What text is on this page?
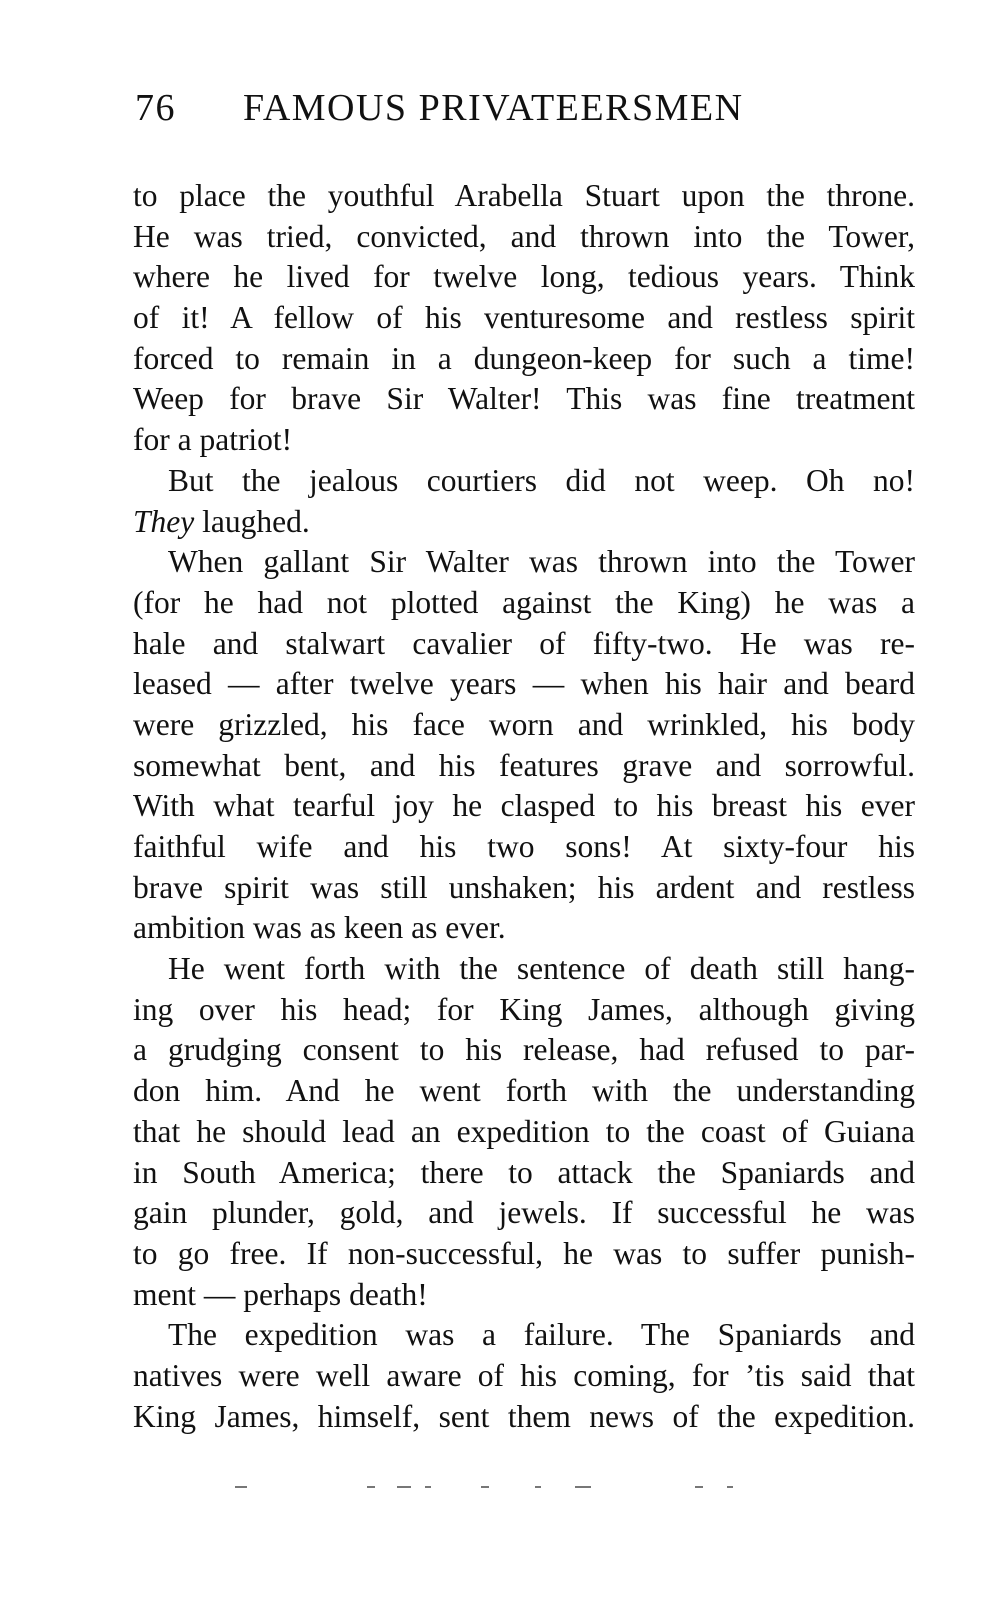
76 FAMOUS PRIVATEERSMEN
to place the youthful Arabella Stuart upon the throne.
He was tried, convicted, and thrown into the Tower,
where he lived for twelve long, tedious years. Think
of it! A fellow of his venturesome and restless spirit
forced to remain in a dungeon-keep for such a time!
Weep for brave Sir Walter! This was fine treatment
for a patriot!
But the jealous courtiers did not weep. Oh no!
They laughed.
When gallant Sir Walter was thrown into the Tower
(for he had not plotted against the King) he was a
hale and stalwart cavalier of fifty-two. He was re-
leased — after twelve years — when his hair and beard
were grizzled, his face worn and wrinkled, his body
somewhat bent, and his features grave and sorrowful.
With what tearful joy he clasped to his breast his ever
faithful wife and his two sons! At sixty-four his
brave spirit was still unshaken; his ardent and restless
ambition was as keen as ever.
He went forth with the sentence of death still hang-
ing over his head; for King James, although giving
a grudging consent to his release, had refused to par-
don him. And he went forth with the understanding
that he should lead an expedition to the coast of Guiana
in South America; there to attack the Spaniards and
gain plunder, gold, and jewels. If successful he was
to go free. If non-successful, he was to suffer punish-
ment — perhaps death!
The expedition was a failure. The Spaniards and
natives were well aware of his coming, for ’tis said that
King James, himself, sent them news of the expedition.
